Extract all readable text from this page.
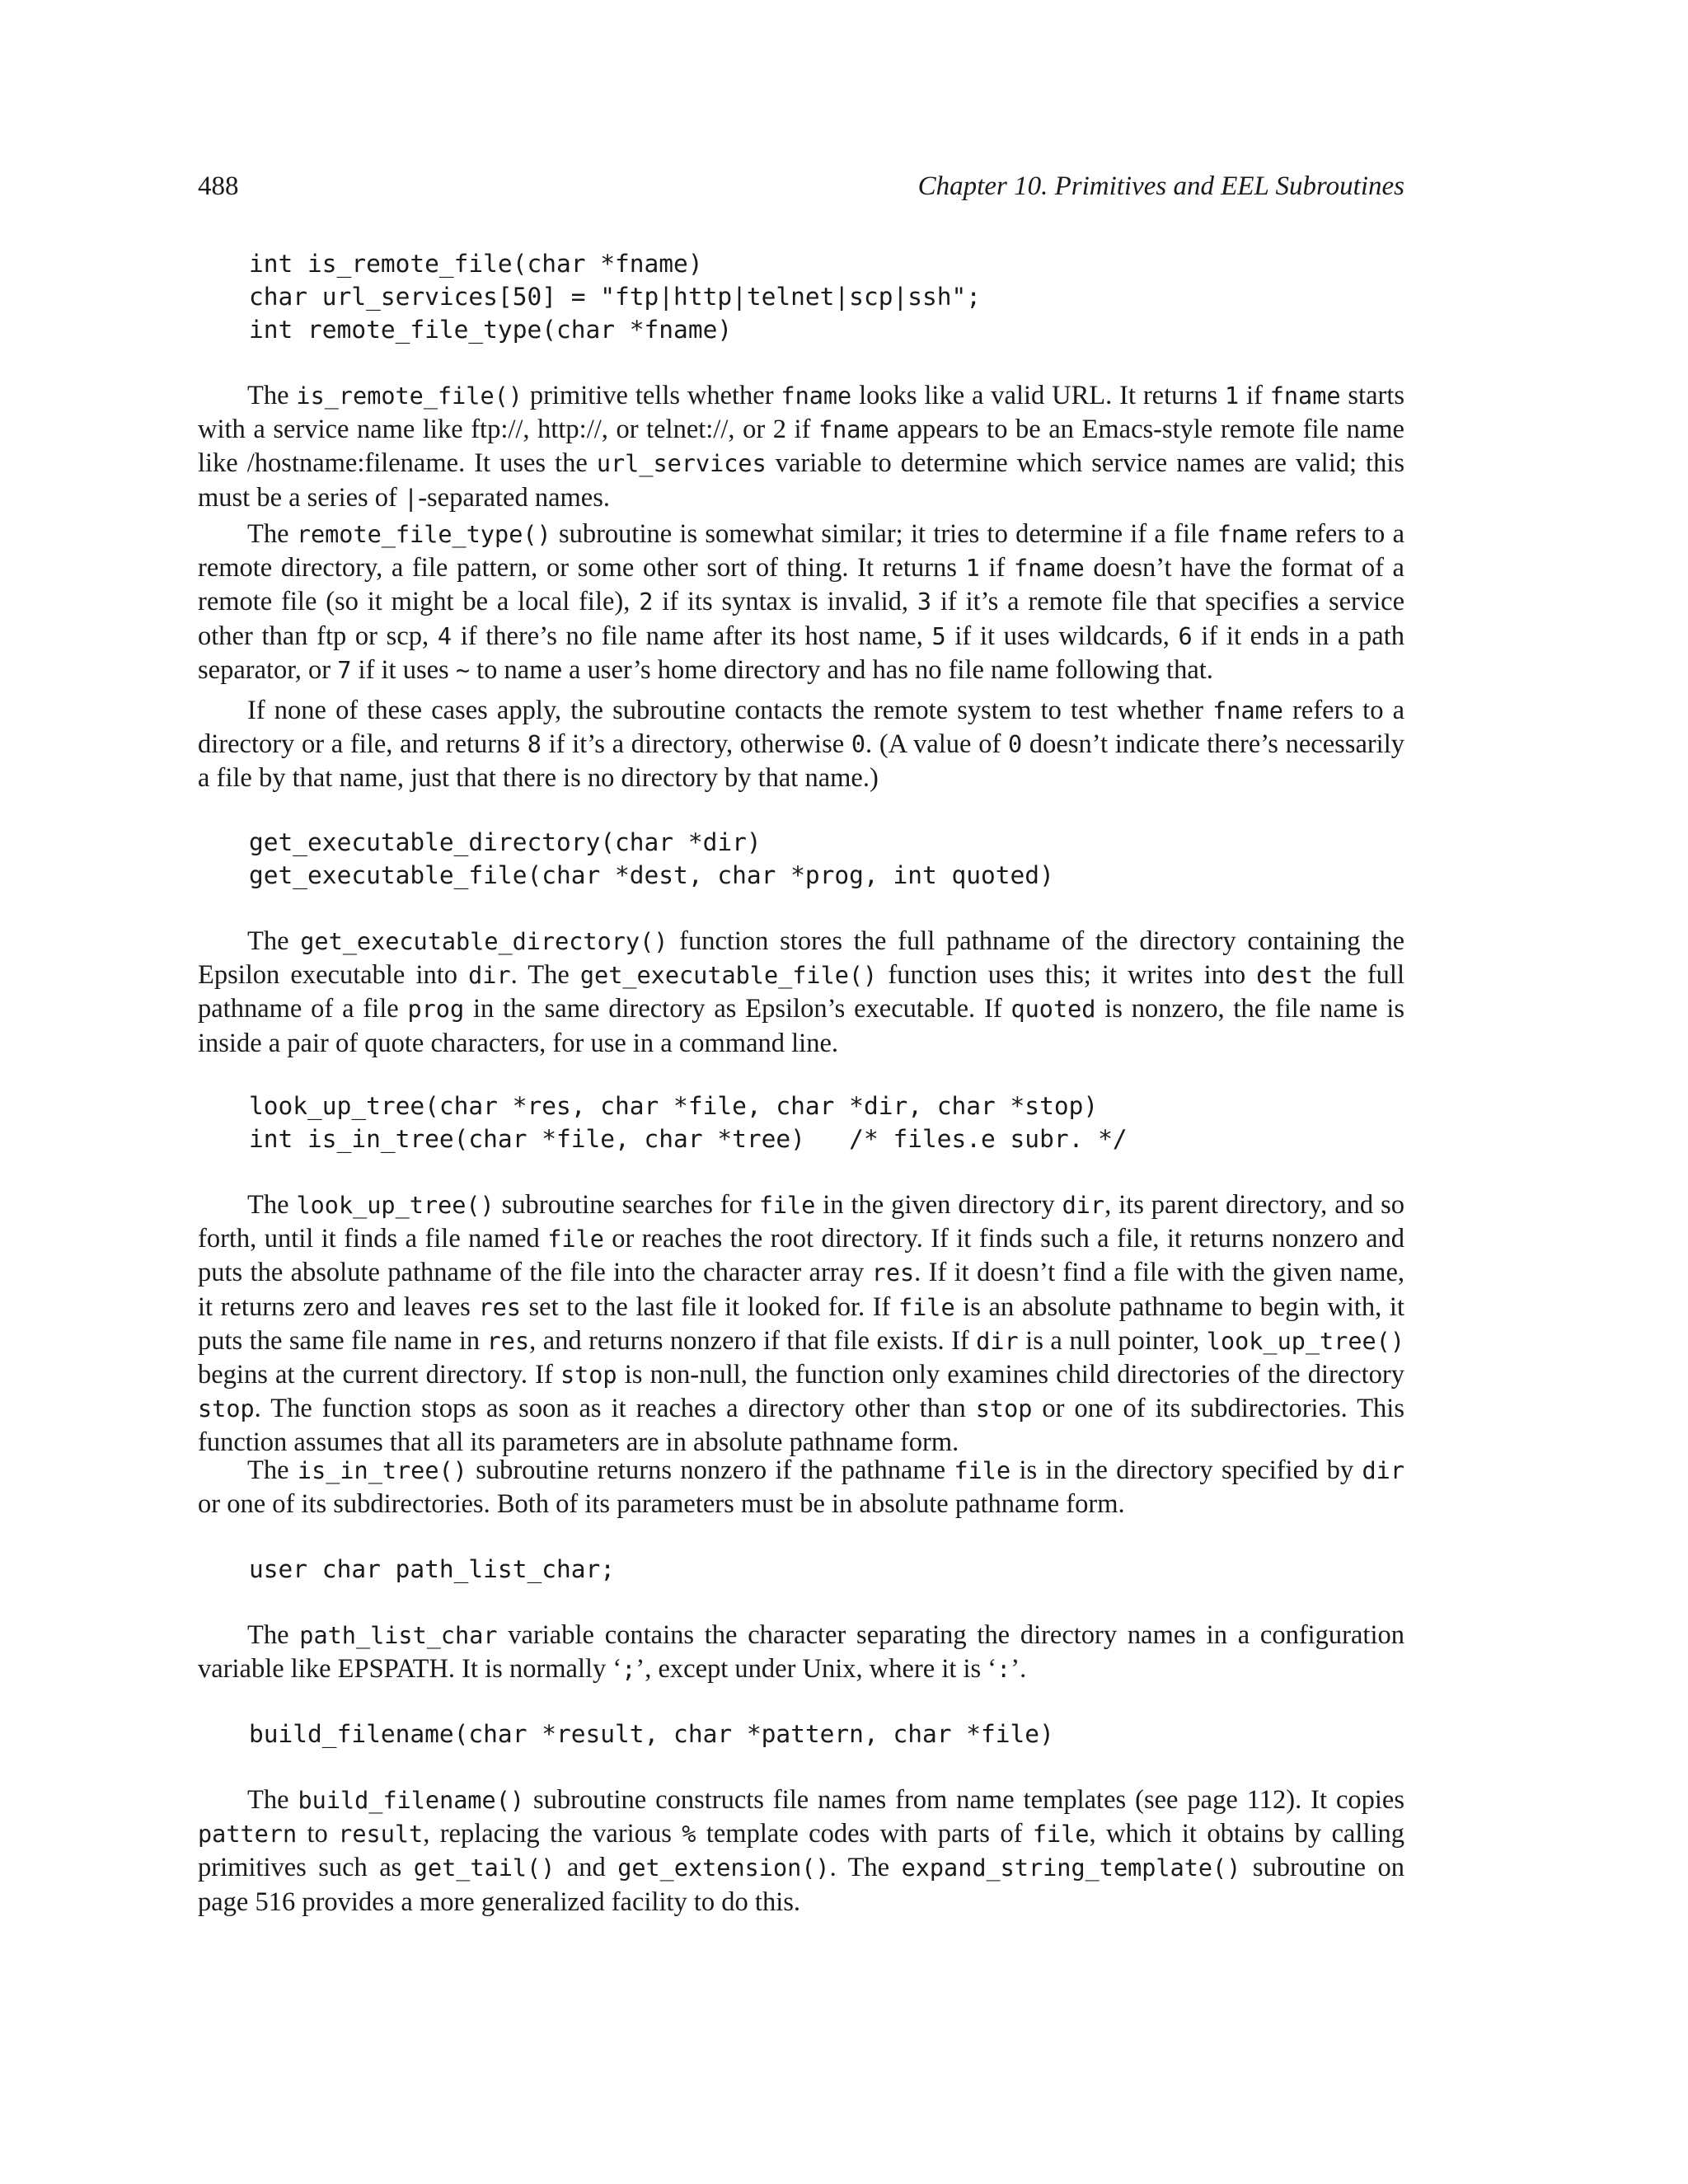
488	Chapter 10. Primitives and EEL Subroutines
int is_remote_file(char *fname)
char url_services[50] = "ftp|http|telnet|scp|ssh";
int remote_file_type(char *fname)

The is_remote_file() primitive tells whether fname looks like a valid URL. It returns 1 if fname starts with a service name like ftp://, http://, or telnet://, or 2 if fname appears to be an Emacs-style remote file name like /hostname:filename. It uses the url_services variable to determine which service names are valid; this must be a series of |-separated names.

The remote_file_type() subroutine is somewhat similar; it tries to determine if a file fname refers to a remote directory, a file pattern, or some other sort of thing. It returns 1 if fname doesn’t have the format of a remote file (so it might be a local file), 2 if its syntax is invalid, 3 if it’s a remote file that specifies a service other than ftp or scp, 4 if there’s no file name after its host name, 5 if it uses wildcards, 6 if it ends in a path separator, or 7 if it uses ~ to name a user’s home directory and has no file name following that.

If none of these cases apply, the subroutine contacts the remote system to test whether fname refers to a directory or a file, and returns 8 if it’s a directory, otherwise 0. (A value of 0 doesn’t indicate there’s necessarily a file by that name, just that there is no directory by that name.)

get_executable_directory(char *dir)
get_executable_file(char *dest, char *prog, int quoted)

The get_executable_directory() function stores the full pathname of the directory containing the Epsilon executable into dir. The get_executable_file() function uses this; it writes into dest the full pathname of a file prog in the same directory as Epsilon’s executable. If quoted is nonzero, the file name is inside a pair of quote characters, for use in a command line.

look_up_tree(char *res, char *file, char *dir, char *stop)
int is_in_tree(char *file, char *tree)   /* files.e subr. */

The look_up_tree() subroutine searches for file in the given directory dir, its parent directory, and so forth, until it finds a file named file or reaches the root directory. If it finds such a file, it returns nonzero and puts the absolute pathname of the file into the character array res. If it doesn’t find a file with the given name, it returns zero and leaves res set to the last file it looked for. If file is an absolute pathname to begin with, it puts the same file name in res, and returns nonzero if that file exists. If dir is a null pointer, look_up_tree() begins at the current directory. If stop is non-null, the function only examines child directories of the directory stop. The function stops as soon as it reaches a directory other than stop or one of its subdirectories. This function assumes that all its parameters are in absolute pathname form.

The is_in_tree() subroutine returns nonzero if the pathname file is in the directory specified by dir or one of its subdirectories. Both of its parameters must be in absolute pathname form.

user char path_list_char;

The path_list_char variable contains the character separating the directory names in a configuration variable like EPSPATH. It is normally ‘;’, except under Unix, where it is ‘:’.

build_filename(char *result, char *pattern, char *file)

The build_filename() subroutine constructs file names from name templates (see page 112). It copies pattern to result, replacing the various % template codes with parts of file, which it obtains by calling primitives such as get_tail() and get_extension(). The expand_string_template() subroutine on page 516 provides a more generalized facility to do this.
